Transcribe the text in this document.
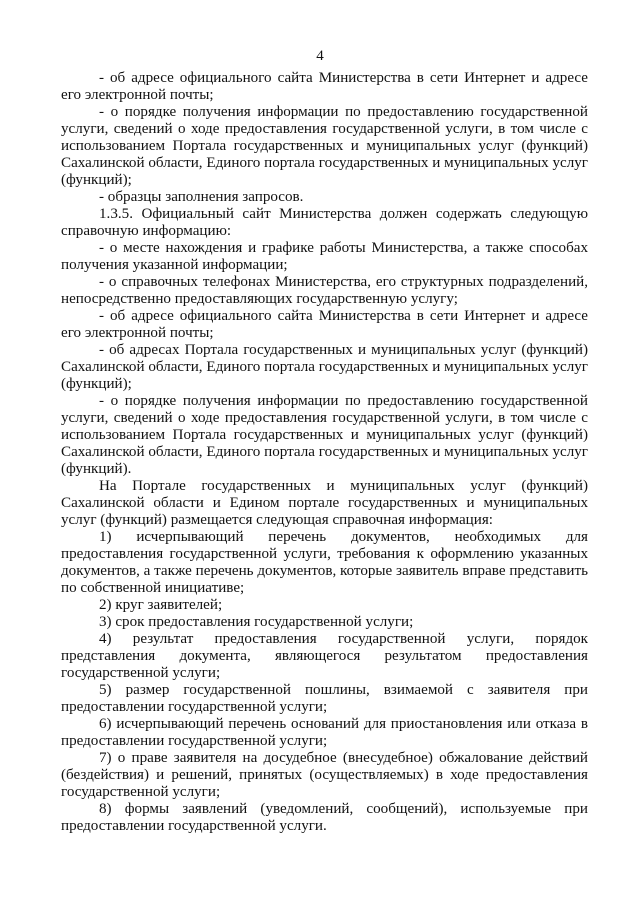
4

- об адресе официального сайта Министерства в сети Интернет и адресе его электронной почты;

- о порядке получения информации по предоставлению государственной услуги, сведений о ходе предоставления государственной услуги, в том числе с использованием Портала государственных и муниципальных услуг (функций) Сахалинской области, Единого портала государственных и муниципальных услуг (функций);

- образцы заполнения запросов.

1.3.5. Официальный сайт Министерства должен содержать следующую справочную информацию:

- о месте нахождения и графике работы Министерства, а также способах получения указанной информации;

- о справочных телефонах Министерства, его структурных подразделений, непосредственно предоставляющих государственную услугу;

- об адресе официального сайта Министерства в сети Интернет и адресе его электронной почты;

- об адресах Портала государственных и муниципальных услуг (функций) Сахалинской области, Единого портала государственных и муниципальных услуг (функций);

- о порядке получения информации по предоставлению государственной услуги, сведений о ходе предоставления государственной услуги, в том числе с использованием Портала государственных и муниципальных услуг (функций) Сахалинской области, Единого портала государственных и муниципальных услуг (функций).

На Портале государственных и муниципальных услуг (функций) Сахалинской области и Едином портале государственных и муниципальных услуг (функций) размещается следующая справочная информация:

1) исчерпывающий перечень документов, необходимых для предоставления государственной услуги, требования к оформлению указанных документов, а также перечень документов, которые заявитель вправе представить по собственной инициативе;

2) круг заявителей;

3) срок предоставления государственной услуги;

4) результат предоставления государственной услуги, порядок представления документа, являющегося результатом предоставления государственной услуги;

5) размер государственной пошлины, взимаемой с заявителя при предоставлении государственной услуги;

6) исчерпывающий перечень оснований для приостановления или отказа в предоставлении государственной услуги;

7) о праве заявителя на досудебное (внесудебное) обжалование действий (бездействия) и решений, принятых (осуществляемых) в ходе предоставления государственной услуги;

8) формы заявлений (уведомлений, сообщений), используемые при предоставлении государственной услуги.
